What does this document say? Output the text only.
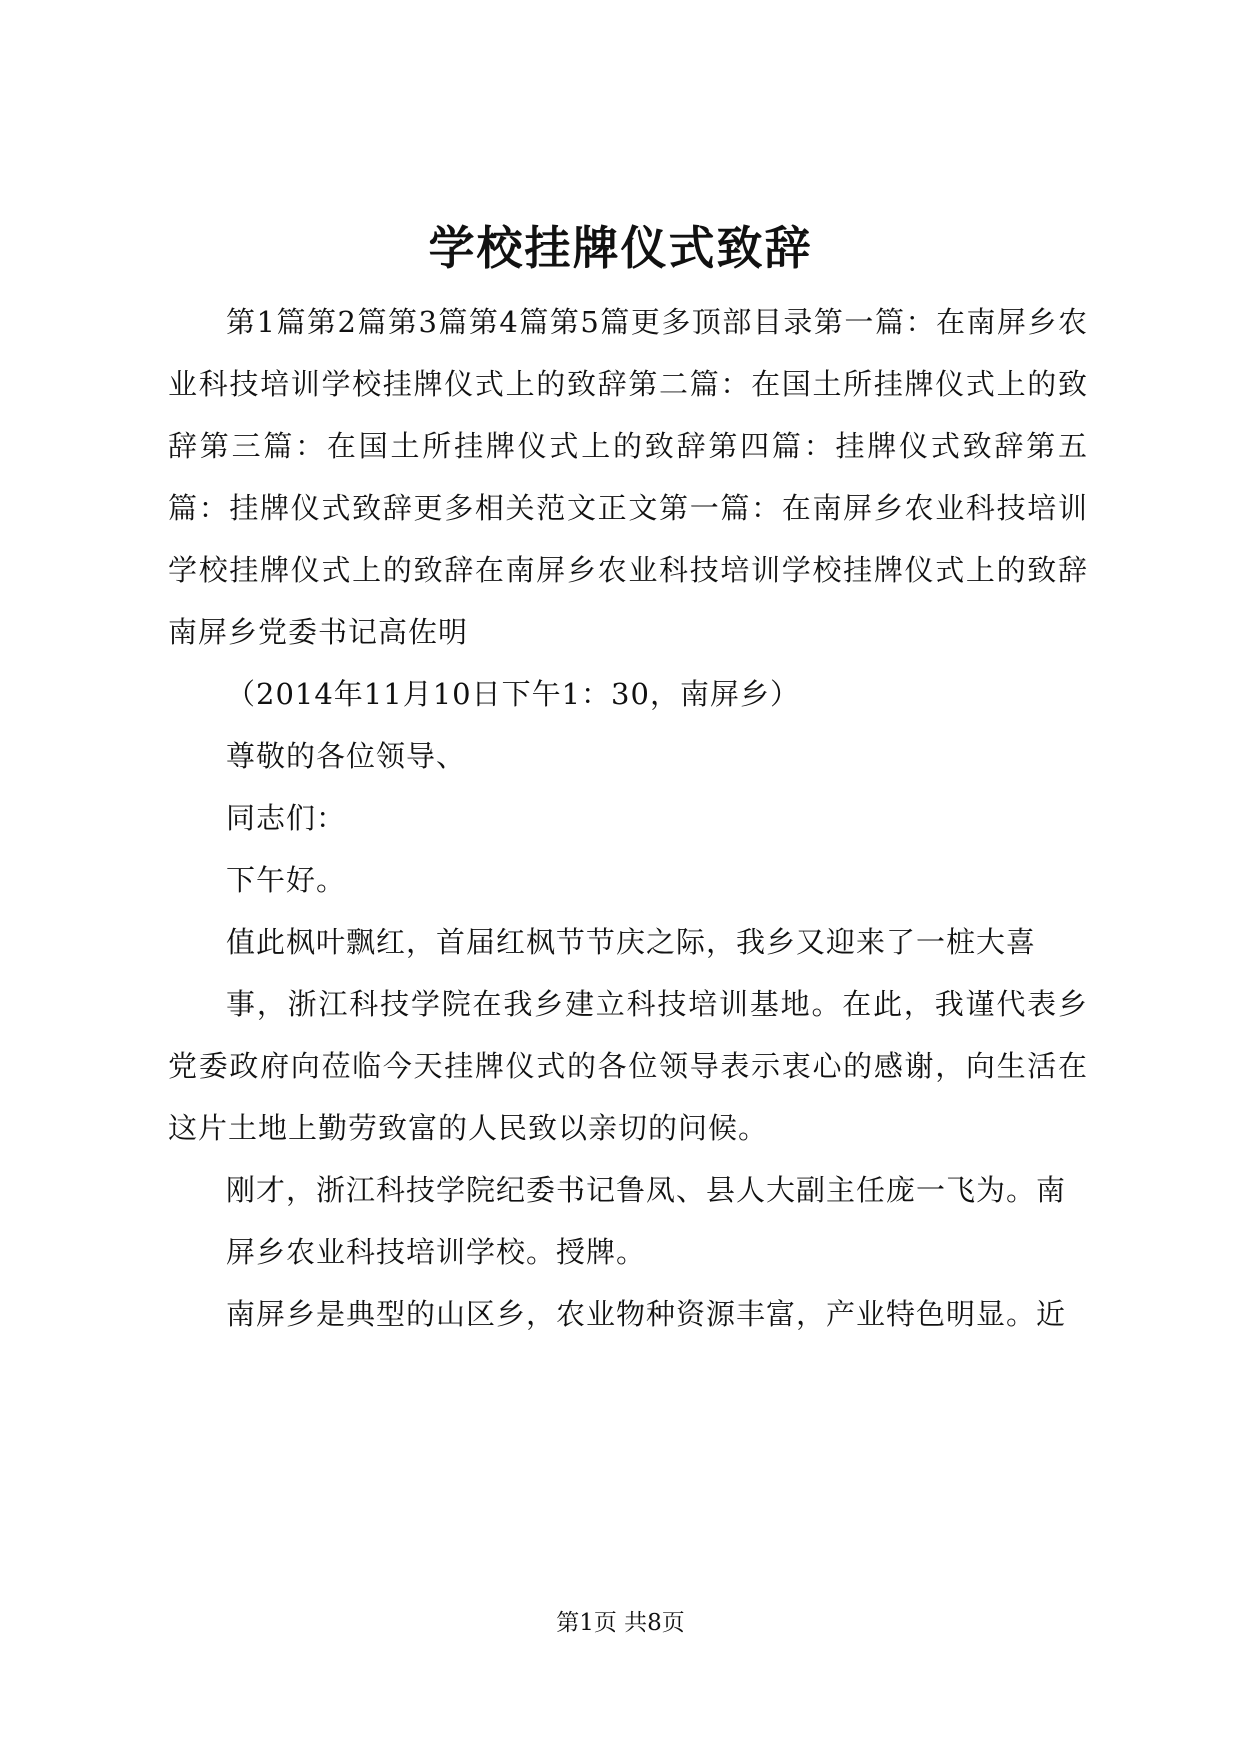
学校挂牌仪式致辞

第1篇第2篇第3篇第4篇第5篇更多顶部目录第一篇：在南屏乡农业科技培训学校挂牌仪式上的致辞第二篇：在国土所挂牌仪式上的致辞第三篇：在国土所挂牌仪式上的致辞第四篇：挂牌仪式致辞第五篇：挂牌仪式致辞更多相关范文正文第一篇：在南屏乡农业科技培训学校挂牌仪式上的致辞在南屏乡农业科技培训学校挂牌仪式上的致辞南屏乡党委书记高佐明

（2014年11月10日下午1：30，南屏乡）

尊敬的各位领导、

同志们：

下午好。

值此枫叶飘红，首届红枫节节庆之际，我乡又迎来了一桩大喜

事，浙江科技学院在我乡建立科技培训基地。在此，我谨代表乡党委政府向莅临今天挂牌仪式的各位领导表示衷心的感谢，向生活在这片土地上勤劳致富的人民致以亲切的问候。

刚才，浙江科技学院纪委书记鲁凤、县人大副主任庞一飞为。南

屏乡农业科技培训学校。授牌。

南屏乡是典型的山区乡，农业物种资源丰富，产业特色明显。近

第1页 共8页
